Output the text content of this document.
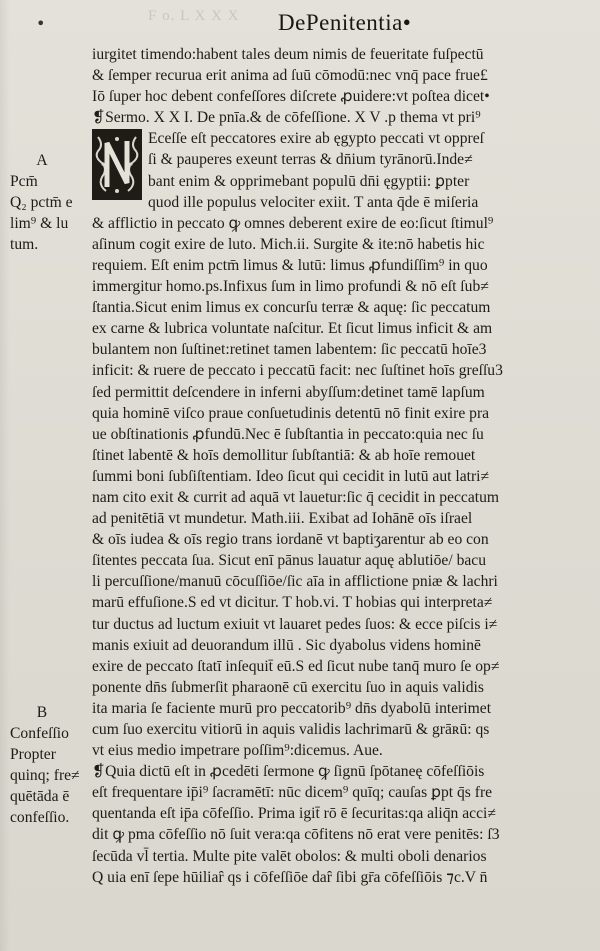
•	F o. L X X X DePenitentia•
iurgitet timendo:habent tales deum nimis de feueritate fuſpectū
& ſemper recurua erit anima ad ſuū cōmodū:nec vnq̄ pace frue£
Iō ſuper hoc debent confeſſores diſcrete ꝓuidere:vt poſtea dicet•
❡Sermo. X X I. De pnīa.& de cōfeſſione. X V .p thema vt pri⁹
Eceſſe eſt peccatores exire ab ęgypto peccati vt oppreſ
ſi & pauperes exeunt terras & dn̄ium tyrānorū.Inde≠
bant enim & opprimebant populū dn̄i ęgyptii: ꝑpter
quod ille populus velociter exiit. T anta q̄de ē miſeria
& afflictio in peccato ꝙ omnes deberent exire de eo:ſicut ſtimul⁹
aſinum cogit exire de luto. Mich.ii. Surgite & ite:nō habetis hic
requiem. Eſt enim pctm̄ limus & lutū: limus ꝓfundiſſim⁹ in quo
immergitur homo.ps.Infixus ſum in limo profundi & nō eſt ſub≠
ſtantia.Sicut enim limus ex concurſu terræ & aquę: ſic peccatum
ex carne & lubrica voluntate naſcitur. Et ſicut limus inficit & am
bulantem non ſuſtinet:retinet tamen labentem: ſic peccatū hoīe3
inficit: & ruere de peccato i peccatū facit: nec ſuſtinet hoīs greſſu3
ſed permittit deſcendere in inferni abyſſum:detinet tamē lapſum
quia hominē viſco praue conſuetudinis detentū nō finit exire pra
ue obſtinationis ꝓfundū.Nec ē ſubſtantia in peccato:quia nec ſu
ſtinet labentē & hoīs demollitur ſubſtantiā: & ab hoīe remouet
ſummi boni ſubſiſtentiam. Ideo ſicut qui cecidit in lutū aut latri≠
nam cito exit & currit ad aquā vt lauetur:ſic q̄ cecidit in peccatum
ad penitētiā vt mundetur. Math.iii. Exibat ad Iohānē oīs iſrael
& oīs iudea & oīs regio trans iordanē vt baptiʒarentur ab eo con
ſitentes peccata ſua. Sicut enī pānus lauatur aquę ablutiōe/ bacu
li percuſſione/manuū cōcuſſiōe/ſic aīa in afflictione pniæ & lachri
marū effuſione.S ed vt dicitur. T hob.vi. T hobias qui interpreta≠
tur ductus ad luctum exiuit vt lauaret pedes ſuos: & ecce piſcis i≠
manis exiuit ad deuorandum illū . Sic dyabolus videns hominē
exire de peccato ſtatī inſequit̄ eū.S ed ſicut nube tanq̄ muro ſe op≠
ponente dn̄s ſubmerſit pharaonē cū exercitu ſuo in aquis validis
ita maria ſe faciente murū pro peccatorib⁹ dn̄s dyabolū interimet
cum ſuo exercitu vitiorū in aquis validis lachrimarū & grāʀū: qs
vt eius medio impetrare poſſim⁹:dicemus. Aue.
❡Quia dictū eſt in ꝓcedēti ſermone ꝙ ſignū ſpōtaneę cōfeſſiōis
eſt frequentare ip̄i⁹ ſacramētī: nūc dicem⁹ quīq; cauſas ꝑpt q̄s fre
quentanda eſt ip̄a cōfeſſio. Prima igit̄ rō ē ſecuritas:qa aliq̄n acci≠
dit ꝙ pma cōfeſſio nō ſuit vera:qa cōfitens nō erat vere penitēs: ſ3
ſecūda vl̄ tertia. Multe pite valēt obolos: & multi oboli denarios
Q uia enī ſepe hūiliaȓ qs i cōfeſſiōe daȓ ſibi gr̄a cōfeſſiōis ⁊c.V n̄
A
Pcm̄
Q₂ pctm̄ e
lim⁹ & lu
tum.
B
Confeſſio
Propter
quinq; fre≠
quētāda ē
confeſſio.
